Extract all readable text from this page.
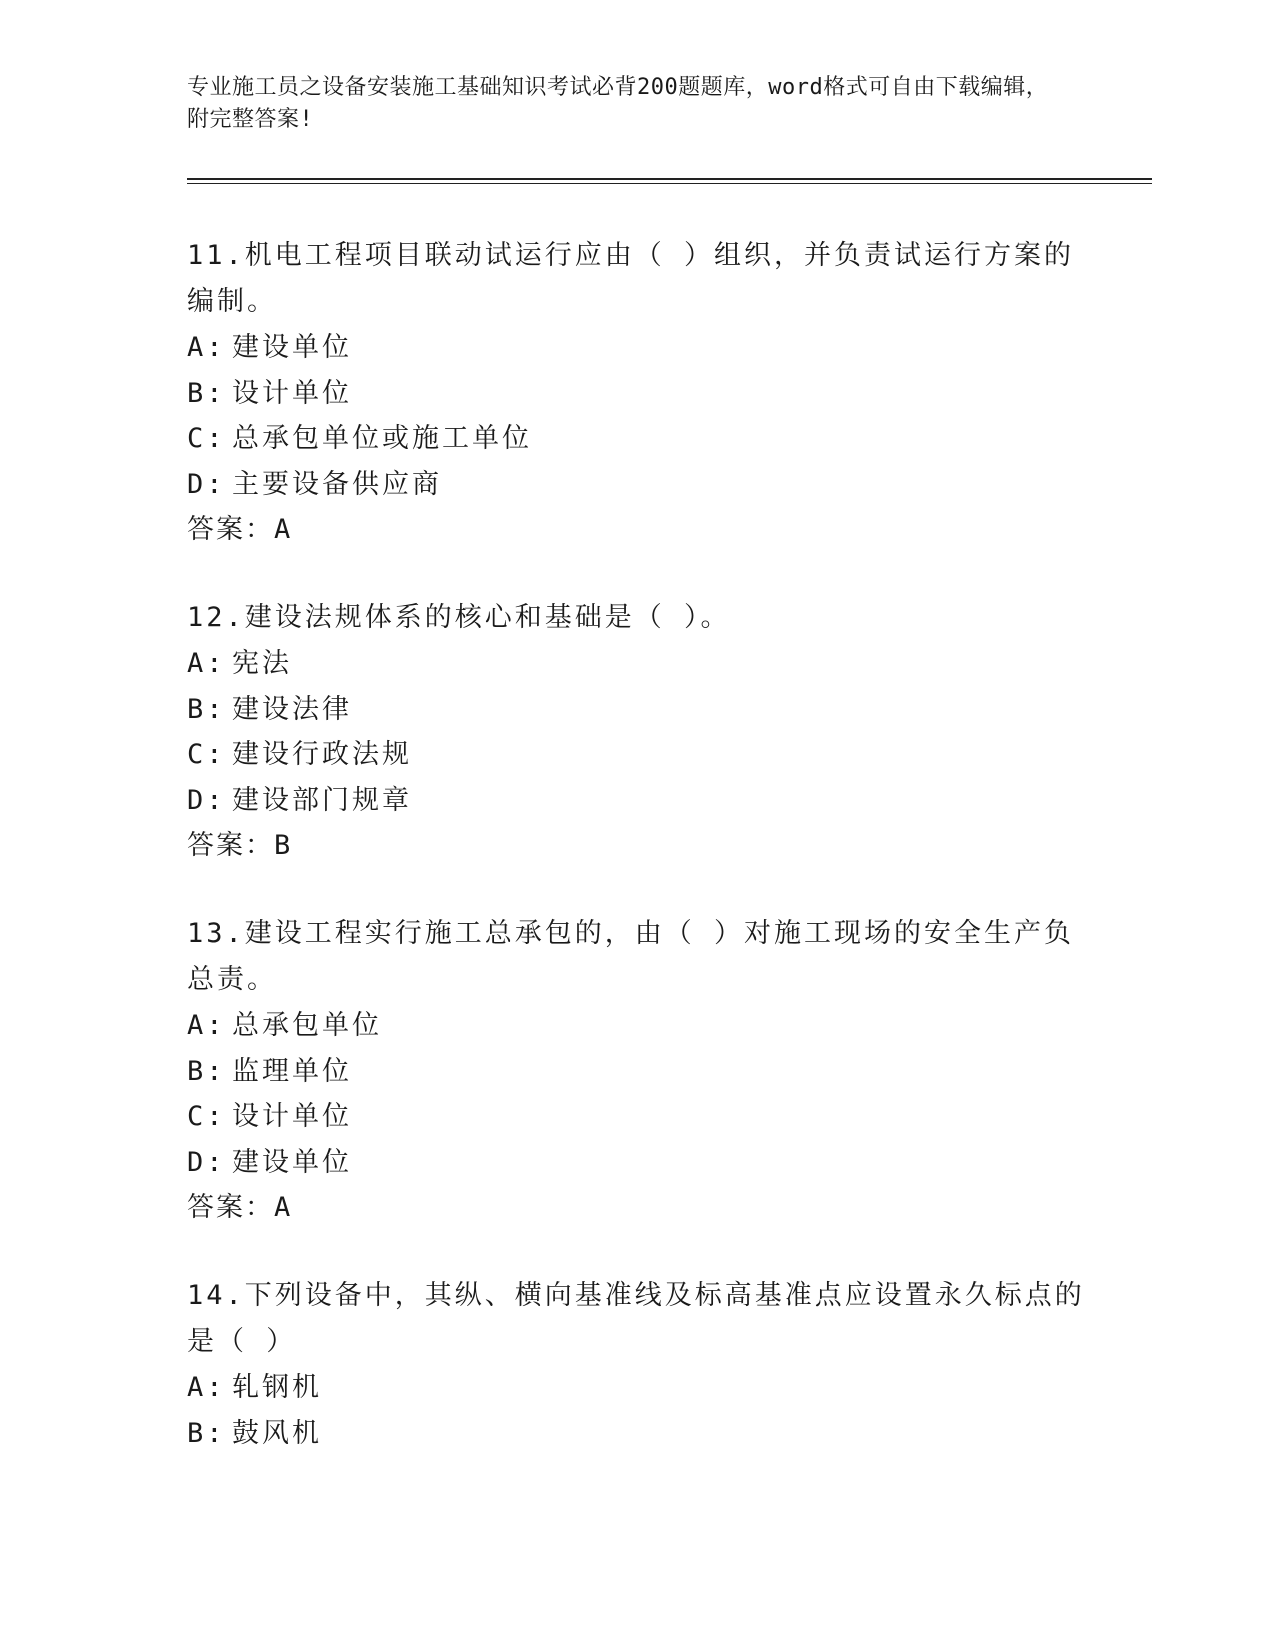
专业施工员之设备安装施工基础知识考试必背200题题库，word格式可自由下载编辑，附完整答案!

11.机电工程项目联动试运行应由（ ）组织，并负责试运行方案的编制。

A: 建设单位

B: 设计单位

C: 总承包单位或施工单位

D: 主要设备供应商

答案：A

12.建设法规体系的核心和基础是（ ）。

A: 宪法

B: 建设法律

C: 建设行政法规

D: 建设部门规章

答案：B

13.建设工程实行施工总承包的，由（ ）对施工现场的安全生产负总责。

A: 总承包单位

B: 监理单位

C: 设计单位

D: 建设单位

答案：A

14.下列设备中，其纵、横向基准线及标高基准点应设置永久标点的是（ ）

A: 轧钢机

B: 鼓风机
